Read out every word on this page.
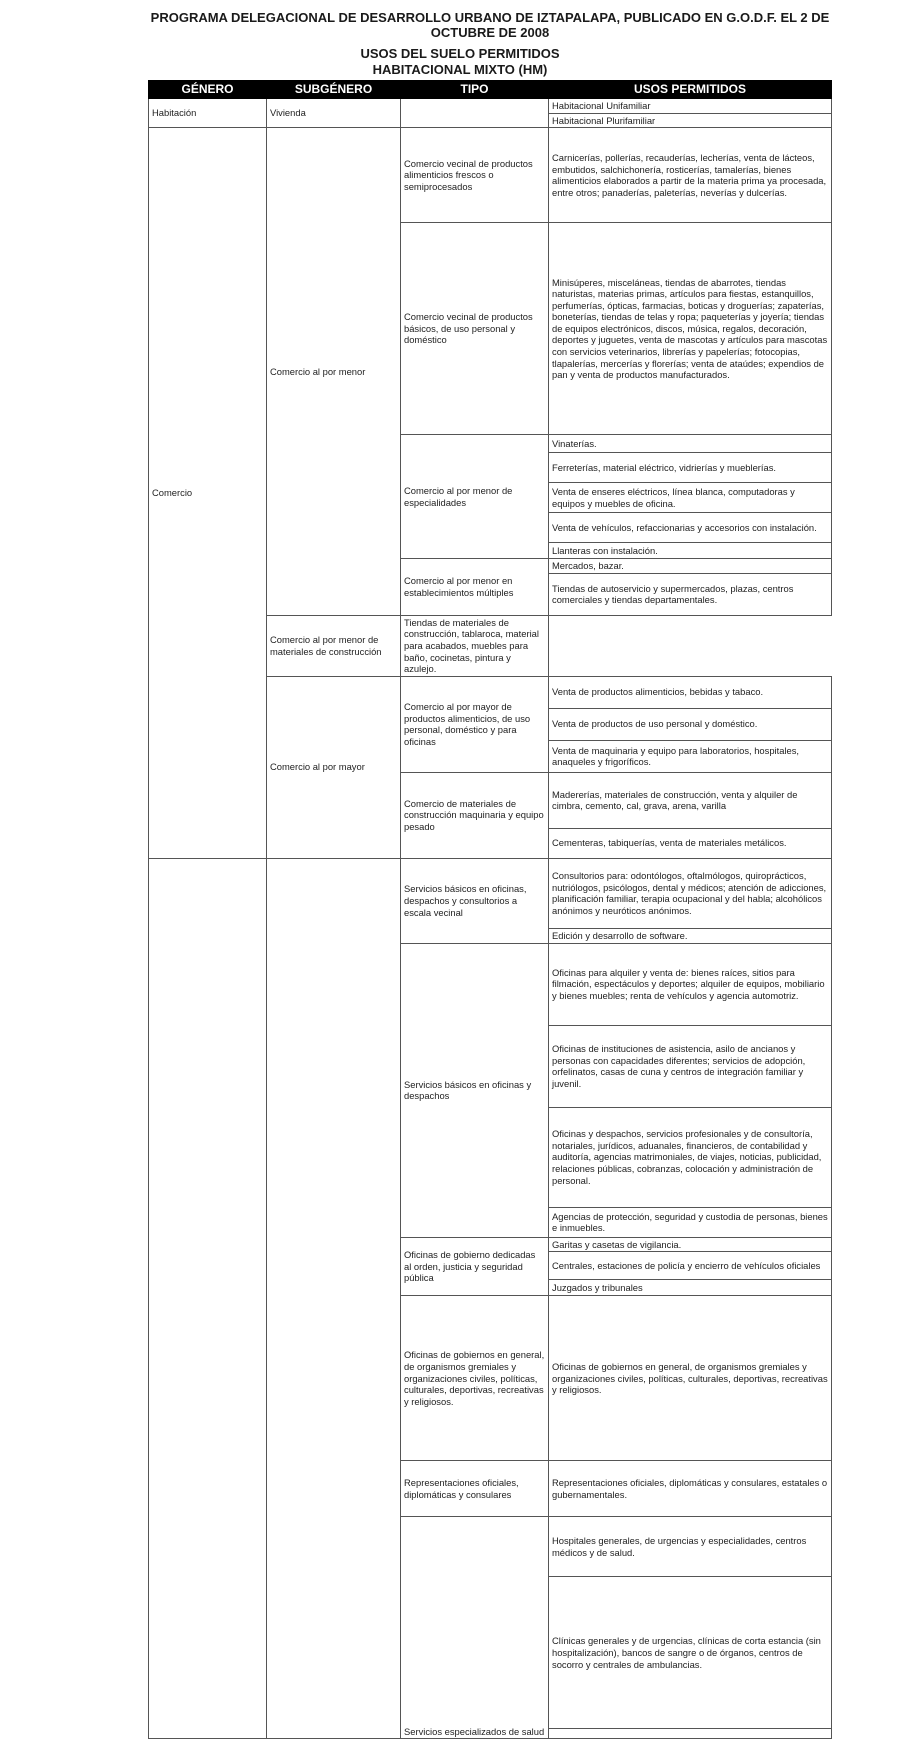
PROGRAMA DELEGACIONAL DE DESARROLLO URBANO DE IZTAPALAPA, PUBLICADO EN G.O.D.F. EL 2 DE OCTUBRE DE 2008
USOS DEL SUELO PERMITIDOS
HABITACIONAL MIXTO (HM)
GÉNERO	SUBGÉNERO	TIPO	USOS PERMITIDOS
Habitación	Vivienda		Habitacional Unifamiliar
			Habitacional Plurifamiliar
Comercio	Comercio al por menor	Comercio vecinal de productos alimenticios frescos o semiprocesados	Carnicerías, pollerías, recauderías, lecherías, venta de lácteos, embutidos, salchichonería, rosticerías, tamalerías, bienes alimenticios elaborados a partir de la materia prima ya procesada, entre otros; panaderías, paleterías, neverías y dulcerías.
		Comercio vecinal de productos básicos, de uso personal y doméstico	Minisúperes, misceláneas, tiendas de abarrotes, tiendas naturistas, materias primas, artículos para fiestas, estanquillos, perfumerías, ópticas, farmacias, boticas y droguerías; zapaterías, boneterías, tiendas de telas y ropa; paqueterías y joyería; tiendas de equipos electrónicos, discos, música, regalos, decoración, deportes y juguetes, venta de mascotas y artículos para mascotas con servicios veterinarios, librerías y papelerías; fotocopias, tlapalerías, mercerías y florerías; venta de ataúdes; expendios de pan y venta de productos manufacturados.
		Comercio al por menor de especialidades	Vinaterías.
			Ferreterías, material eléctrico, vidrierías y mueblerías.
			Venta de enseres eléctricos, línea blanca, computadoras y equipos y muebles de oficina.
			Venta de vehículos, refaccionarias y accesorios con instalación.
			Llanteras con instalación.
		Comercio al por menor en establecimientos múltiples	Mercados, bazar.
			Tiendas de autoservicio y supermercados, plazas, centros comerciales y tiendas departamentales.
	Comercio al por menor de materiales de construcción	Tiendas de materiales de construcción, tablaroca, material para acabados, muebles para baño, cocinetas, pintura y azulejo.	
	Comercio al por mayor	Comercio al por mayor de productos alimenticios, de uso personal, doméstico y para oficinas	Venta de productos alimenticios, bebidas y tabaco.
			Venta de productos de uso personal y doméstico.
			Venta de maquinaria y equipo para laboratorios, hospitales, anaqueles y frigoríficos.
		Comercio de materiales de construcción maquinaria y equipo pesado	Madererías, materiales de construcción, venta y alquiler de cimbra, cemento, cal, grava, arena, varilla
			Cementeras, tabiquerías, venta de materiales metálicos.

		Servicios básicos en oficinas, despachos y consultorios a escala vecinal	Consultorios para: odontólogos, oftalmólogos, quiroprácticos, nutriólogos, psicólogos, dental y médicos; atención de adicciones, planificación familiar, terapia ocupacional y del habla; alcohólicos anónimos y neuróticos anónimos.
			Edición y desarrollo de software.
		Servicios básicos en oficinas y despachos	Oficinas para alquiler y venta de: bienes raíces, sitios para filmación, espectáculos y deportes; alquiler de equipos, mobiliario y bienes muebles; renta de vehículos y agencia automotriz.
			Oficinas de instituciones de asistencia, asilo de ancianos y personas con capacidades diferentes; servicios de adopción, orfelinatos, casas de cuna y centros de integración familiar y juvenil.
			Oficinas y despachos, servicios profesionales y de consultoría, notariales, jurídicos, aduanales, financieros, de contabilidad y auditoría, agencias matrimoniales, de viajes, noticias, publicidad, relaciones públicas, cobranzas, colocación y administración de personal.
			Agencias de protección, seguridad y custodia de personas, bienes e inmuebles.
		Oficinas de gobierno dedicadas al orden, justicia y seguridad pública	Garitas y casetas de vigilancia.
			Centrales, estaciones de policía y encierro de vehículos oficiales
			Juzgados y tribunales
		Oficinas de gobiernos en general, de organismos gremiales y organizaciones civiles, políticas, culturales, deportivas, recreativas y religiosos.	Oficinas de gobiernos en general, de organismos gremiales y organizaciones civiles, políticas, culturales, deportivas, recreativas y religiosos.
		Representaciones oficiales, diplomáticas y consulares	Representaciones oficiales, diplomáticas y consulares, estatales o gubernamentales.
		Servicios especializados de salud	Hospitales generales, de urgencias y especialidades, centros médicos y de salud.
			Clínicas generales y de urgencias, clínicas de corta estancia (sin hospitalización), bancos de sangre o de órganos, centros de socorro y centrales de ambulancias.
